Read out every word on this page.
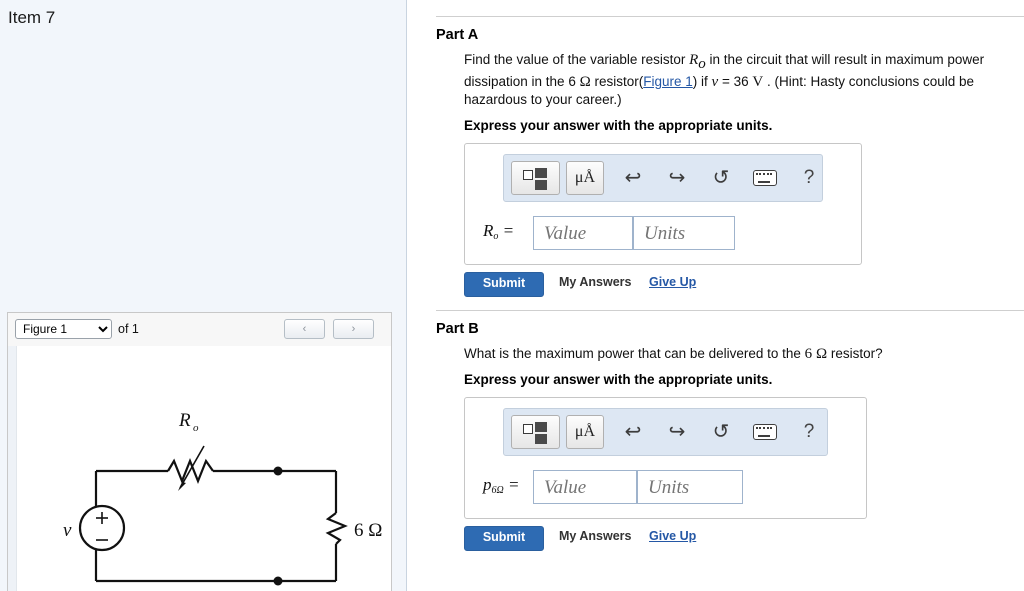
Item 7
Figure 1
of 1	‹	›
R o
v	6 Ω
Part A
Find the value of the variable resistor Ro in the circuit that will result in maximum power dissipation in the 6 Ω resistor(Figure 1) if v = 36 V . (Hint: Hasty conclusions could be hazardous to your career.)
Express your answer with the appropriate units.
μÅ	↩	↪	↺	?
Ro =
Value
Units
Submit	My Answers Give Up
Part B
What is the maximum power that can be delivered to the 6 Ω resistor?
Express your answer with the appropriate units.
μÅ	↩	↪	↺	?
p6Ω =
Value
Units
Submit	My Answers Give Up
